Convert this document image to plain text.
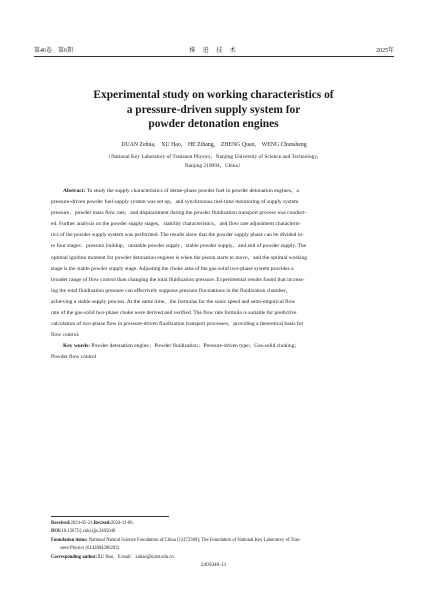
第46卷　第6期	推 进 技 术	2025年
Experimental study on working characteristics of
a pressure-driven supply system for
powder detonation engines
DUAN Zehua,　XU Hao,　HE Zihang,　ZHENG Quan,　WENG Chunsheng
（National Key Laboratory of Transient Physics，Nanjing University of Science and Technology，
Nanjing 210094，China）
Abstract: To study the supply characteristics of dense-phase powder fuel in powder detonation engines，a
pressure-driven powder fuel supply system was set up，and synchronous real-time monitoring of supply system
pressure，powder mass flow rate，and displacement during the powder fluidization transport process was conduct-
ed. Further analysis on the powder supply stages，stability characteristics，and flow rate adjustment characteris-
tics of the powder supply system was performed. The results show that the powder supply phase can be divided in-
to four stages：pressure buildup，unstable powder supply，stable powder supply，and end of powder supply. The
optimal ignition moment for powder detonation engines is when the piston starts to move，and the optimal working
stage is the stable powder supply stage. Adjusting the choke area of the gas-solid two-phase system provides a
broader range of flow control than changing the total fluidization pressure. Experimental results found that increas-
ing the total fluidization pressure can effectively suppress pressure fluctuations in the fluidization chamber，
achieving a stable supply process. At the same time，the formulas for the sonic speed and semi-empirical flow
rate of the gas-solid two-phase choke were derived and verified. The flow rate formula is suitable for predictive
calculation of two-phase flow in pressure-driven fluidization transport processes，providing a theoretical basis for
flow control.
Key words: Powder detonation engine；Powder fluidization；Pressure-driven type；Gas-solid choking；
Powder flow control
Received:2024-05-21;Revised:2024-11-06.
DOI:10.13675/j.cnki.tjjs.2405048
Foundation items: National Natural Science Foundation of China (12472368); The Foundation of National Key Laboratory of Tran-
sient Physics (6142604200203).
Corresponding author:XU Hao，E-mail：xuhao@njust.edu.cn
2405048-13
